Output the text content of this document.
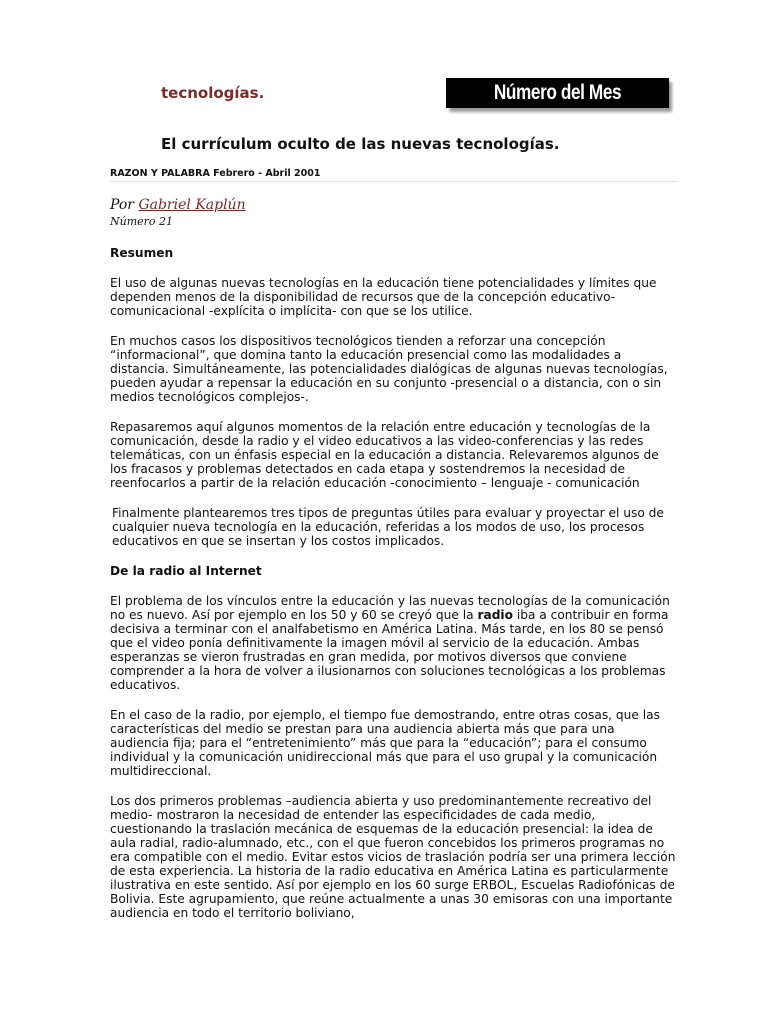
tecnologías.	Número del Mes
El currículum oculto de las nuevas tecnologías.
RAZON Y PALABRA Febrero - Abril 2001
Por Gabriel Kaplún
Número 21
Resumen

El uso de algunas nuevas tecnologías en la educación tiene potencialidades y límites que dependen menos de la disponibilidad de recursos que de la concepción educativo-comunicacional -explícita o implícita- con que se los utilice.

En muchos casos los dispositivos tecnológicos tienden a reforzar una concepción “informacional”, que domina tanto la educación presencial como las modalidades a distancia. Simultáneamente, las potencialidades dialógicas de algunas nuevas tecnologías, pueden ayudar a repensar la educación en su conjunto -presencial o a distancia, con o sin medios tecnológicos complejos-.

Repasaremos aquí algunos momentos de la relación entre educación y tecnologías de la comunicación, desde la radio y el video educativos a las video-conferencias y las redes telemáticas, con un énfasis especial en la educación a distancia. Relevaremos algunos de los fracasos y problemas detectados en cada etapa y sostendremos la necesidad de reenfocarlos a partir de la relación educación -conocimiento – lenguaje - comunicación

Finalmente plantearemos tres tipos de preguntas útiles para evaluar y proyectar el uso de cualquier nueva tecnología en la educación, referidas a los modos de uso, los procesos educativos en que se insertan y los costos implicados.

De la radio al Internet

El problema de los vínculos entre la educación y las nuevas tecnologías de la comunicación no es nuevo. Así por ejemplo en los 50 y 60 se creyó que la radio iba a contribuir en forma decisiva a terminar con el analfabetismo en América Latina. Más tarde, en los 80 se pensó que el video ponía definitivamente la imagen móvil al servicio de la educación. Ambas esperanzas se vieron frustradas en gran medida, por motivos diversos que conviene comprender a la hora de volver a ilusionarnos con soluciones tecnológicas a los problemas educativos.

En el caso de la radio, por ejemplo, el tiempo fue demostrando, entre otras cosas, que las características del medio se prestan para una audiencia abierta más que para una audiencia fija; para el “entretenimiento” más que para la “educación”; para el consumo individual y la comunicación unidireccional más que para el uso grupal y la comunicación multidireccional.

Los dos primeros problemas –audiencia abierta y uso predominantemente recreativo del medio- mostraron la necesidad de entender las especificidades de cada medio, cuestionando la traslación mecánica de esquemas de la educación presencial: la idea de aula radial, radio-alumnado, etc., con el que fueron concebidos los primeros programas no era compatible con el medio. Evitar estos vicios de traslación podría ser una primera lección de esta experiencia. La historia de la radio educativa en América Latina es particularmente ilustrativa en este sentido. Así por ejemplo en los 60 surge ERBOL, Escuelas Radiofónicas de Bolivia. Este agrupamiento, que reúne actualmente a unas 30 emisoras con una importante audiencia en todo el territorio boliviano,
